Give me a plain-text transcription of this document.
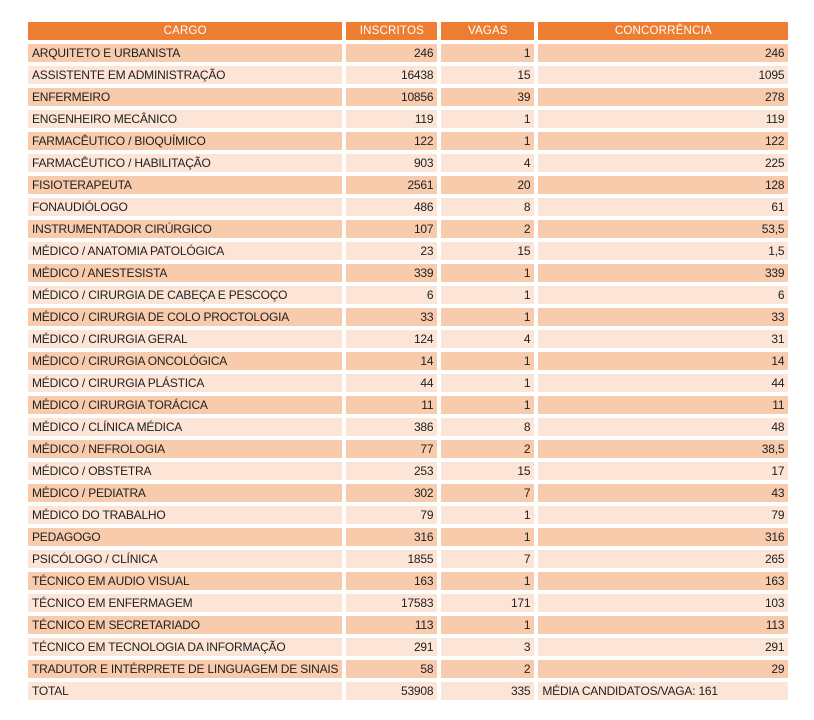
CARGO	INSCRITOS	VAGAS	CONCORRÊNCIA
ARQUITETO E URBANISTA	246	1	246
ASSISTENTE EM ADMINISTRAÇÃO	16438	15	1095
ENFERMEIRO	10856	39	278
ENGENHEIRO MECÂNICO	119	1	119
FARMACÊUTICO / BIOQUÍMICO	122	1	122
FARMACÊUTICO / HABILITAÇÃO	903	4	225
FISIOTERAPEUTA	2561	20	128
FONAUDIÓLOGO	486	8	61
INSTRUMENTADOR CIRÚRGICO	107	2	53,5
MÉDICO / ANATOMIA PATOLÓGICA	23	15	1,5
MÉDICO / ANESTESISTA	339	1	339
MÉDICO / CIRURGIA DE CABEÇA E PESCOÇO	6	1	6
MÉDICO / CIRURGIA DE COLO PROCTOLOGIA	33	1	33
MÉDICO / CIRURGIA GERAL	124	4	31
MÉDICO / CIRURGIA ONCOLÓGICA	14	1	14
MÉDICO / CIRURGIA PLÁSTICA	44	1	44
MÉDICO / CIRURGIA TORÁCICA	11	1	11
MÉDICO / CLÍNICA MÉDICA	386	8	48
MÉDICO / NEFROLOGIA	77	2	38,5
MÉDICO / OBSTETRA	253	15	17
MÉDICO / PEDIATRA	302	7	43
MÉDICO DO TRABALHO	79	1	79
PEDAGOGO	316	1	316
PSICÓLOGO / CLÍNICA	1855	7	265
TÉCNICO EM AUDIO VISUAL	163	1	163
TÉCNICO EM ENFERMAGEM	17583	171	103
TÉCNICO EM SECRETARIADO	113	1	113
TÉCNICO EM TECNOLOGIA DA INFORMAÇÃO	291	3	291
TRADUTOR E INTÉRPRETE DE LINGUAGEM DE SINAIS	58	2	29
TOTAL	53908	335	MÉDIA CANDIDATOS/VAGA: 161
